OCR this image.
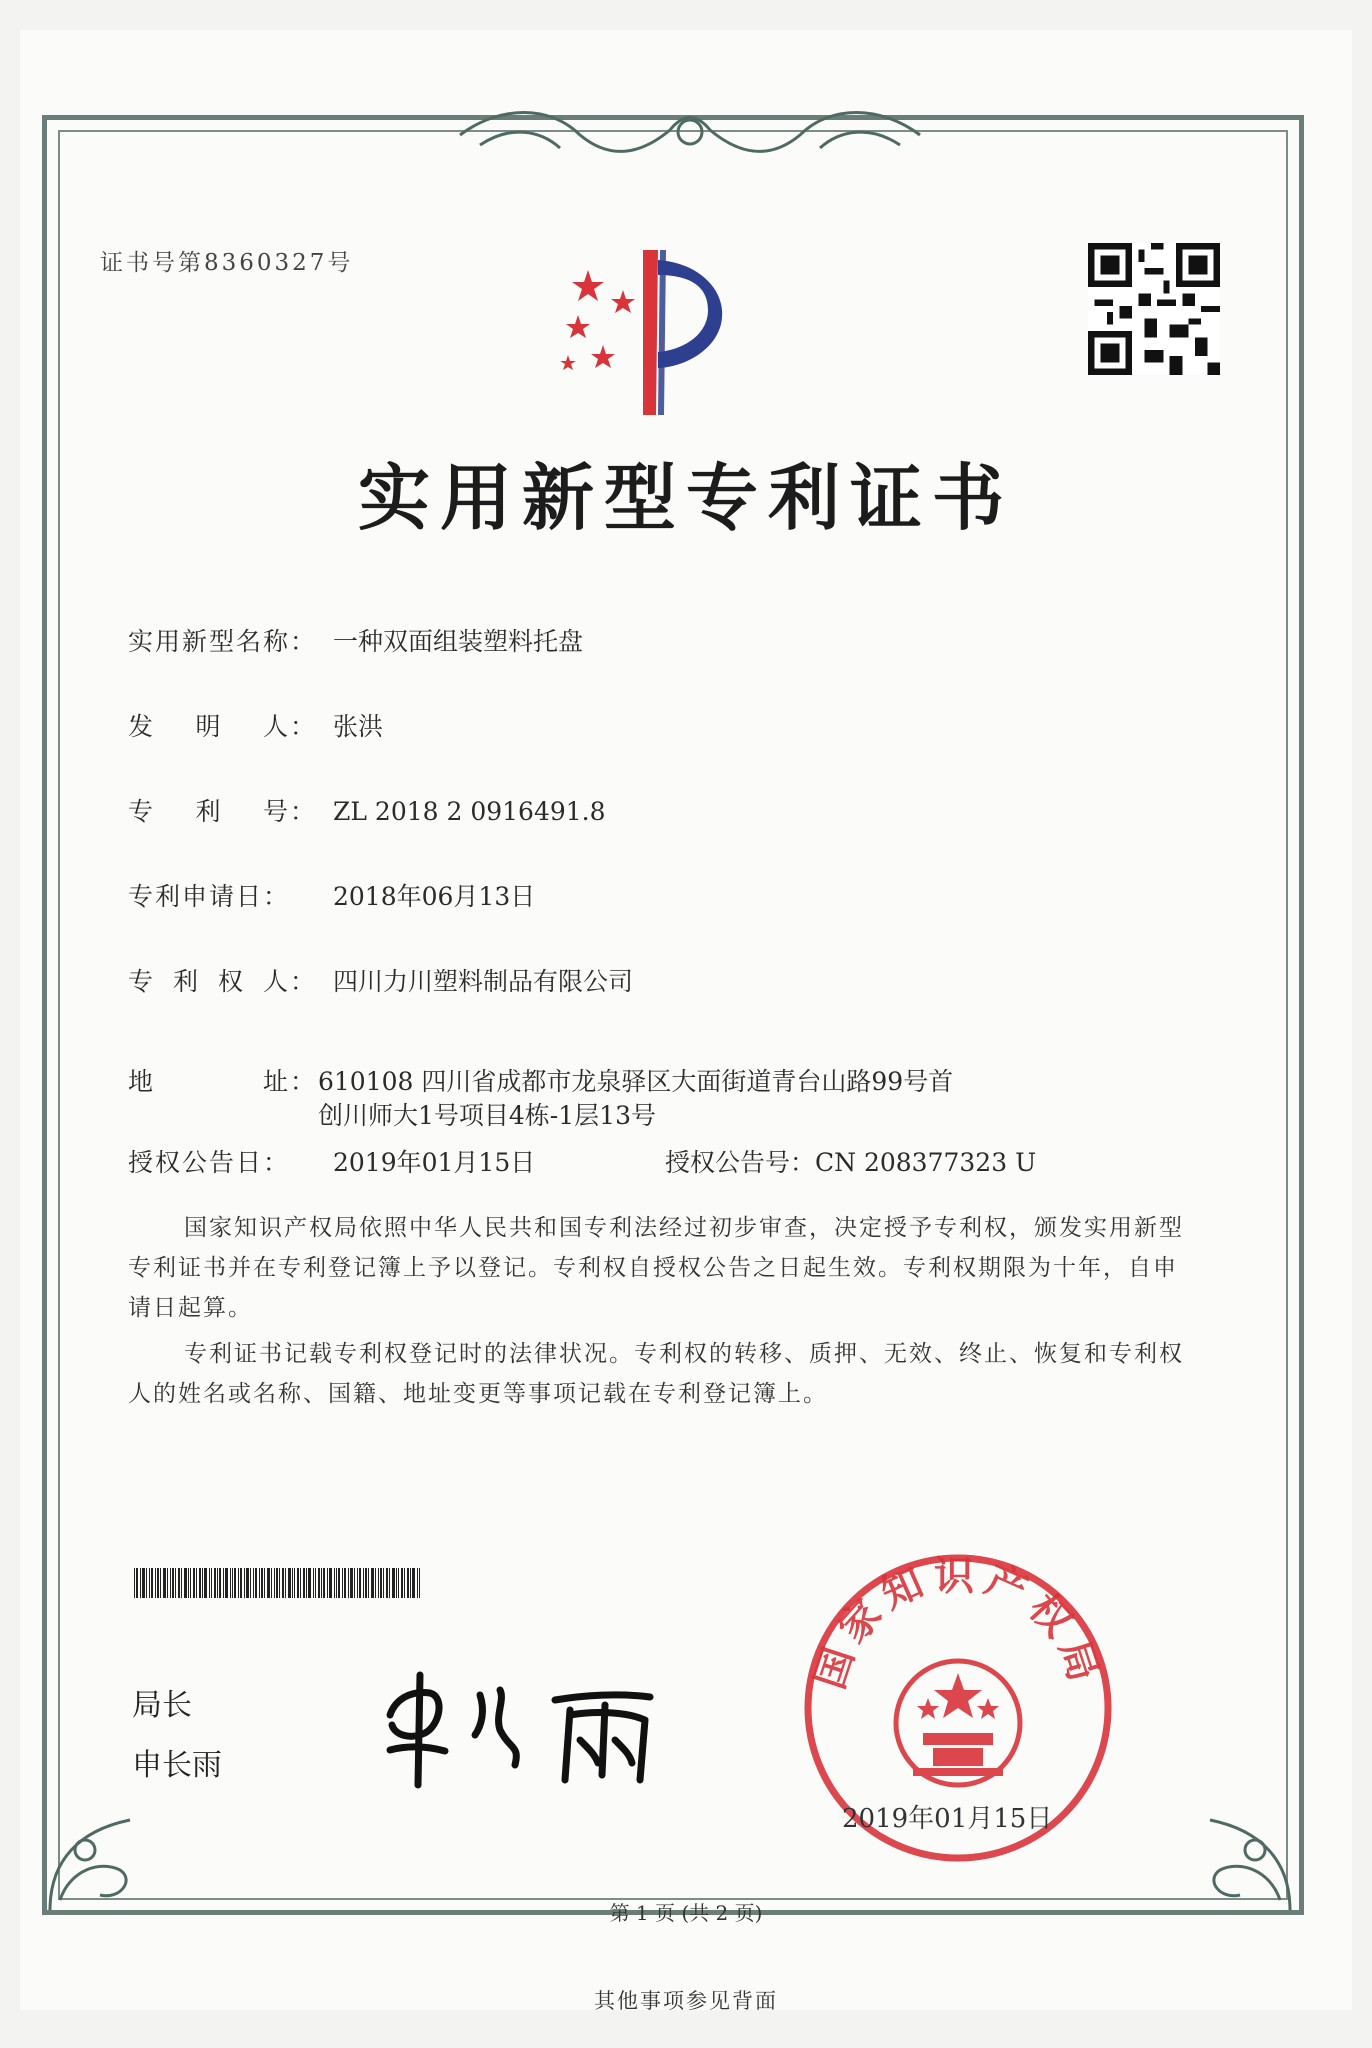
证书号第8360327号
实用新型专利证书
实用新型名称： 一种双面组装塑料托盘
发 明 人 ： 张洪
专 利 号 ： ZL 2018 2 0916491.8
专利申请日： 2018年06月13日
专 利 权 人 ： 四川力川塑料制品有限公司
地	址 ： 610108 四川省成都市龙泉驿区大面街道青台山路99号首
创川师大1号项目4栋-1层13号
授权公告日： 2019年01月15日	授权公告号：CN 208377323 U
国家知识产权局依照中华人民共和国专利法经过初步审查，决定授予专利权，颁发实用新型专利证书并在专利登记簿上予以登记。专利权自授权公告之日起生效。专利权期限为十年，自申请日起算。
专利证书记载专利权登记时的法律状况。专利权的转移、质押、无效、终止、恢复和专利权人的姓名或名称、国籍、地址变更等事项记载在专利登记簿上。
局长
申长雨
国家知识产权局
2019年01月15日
第 1 页 (共 2 页)
其他事项参见背面
